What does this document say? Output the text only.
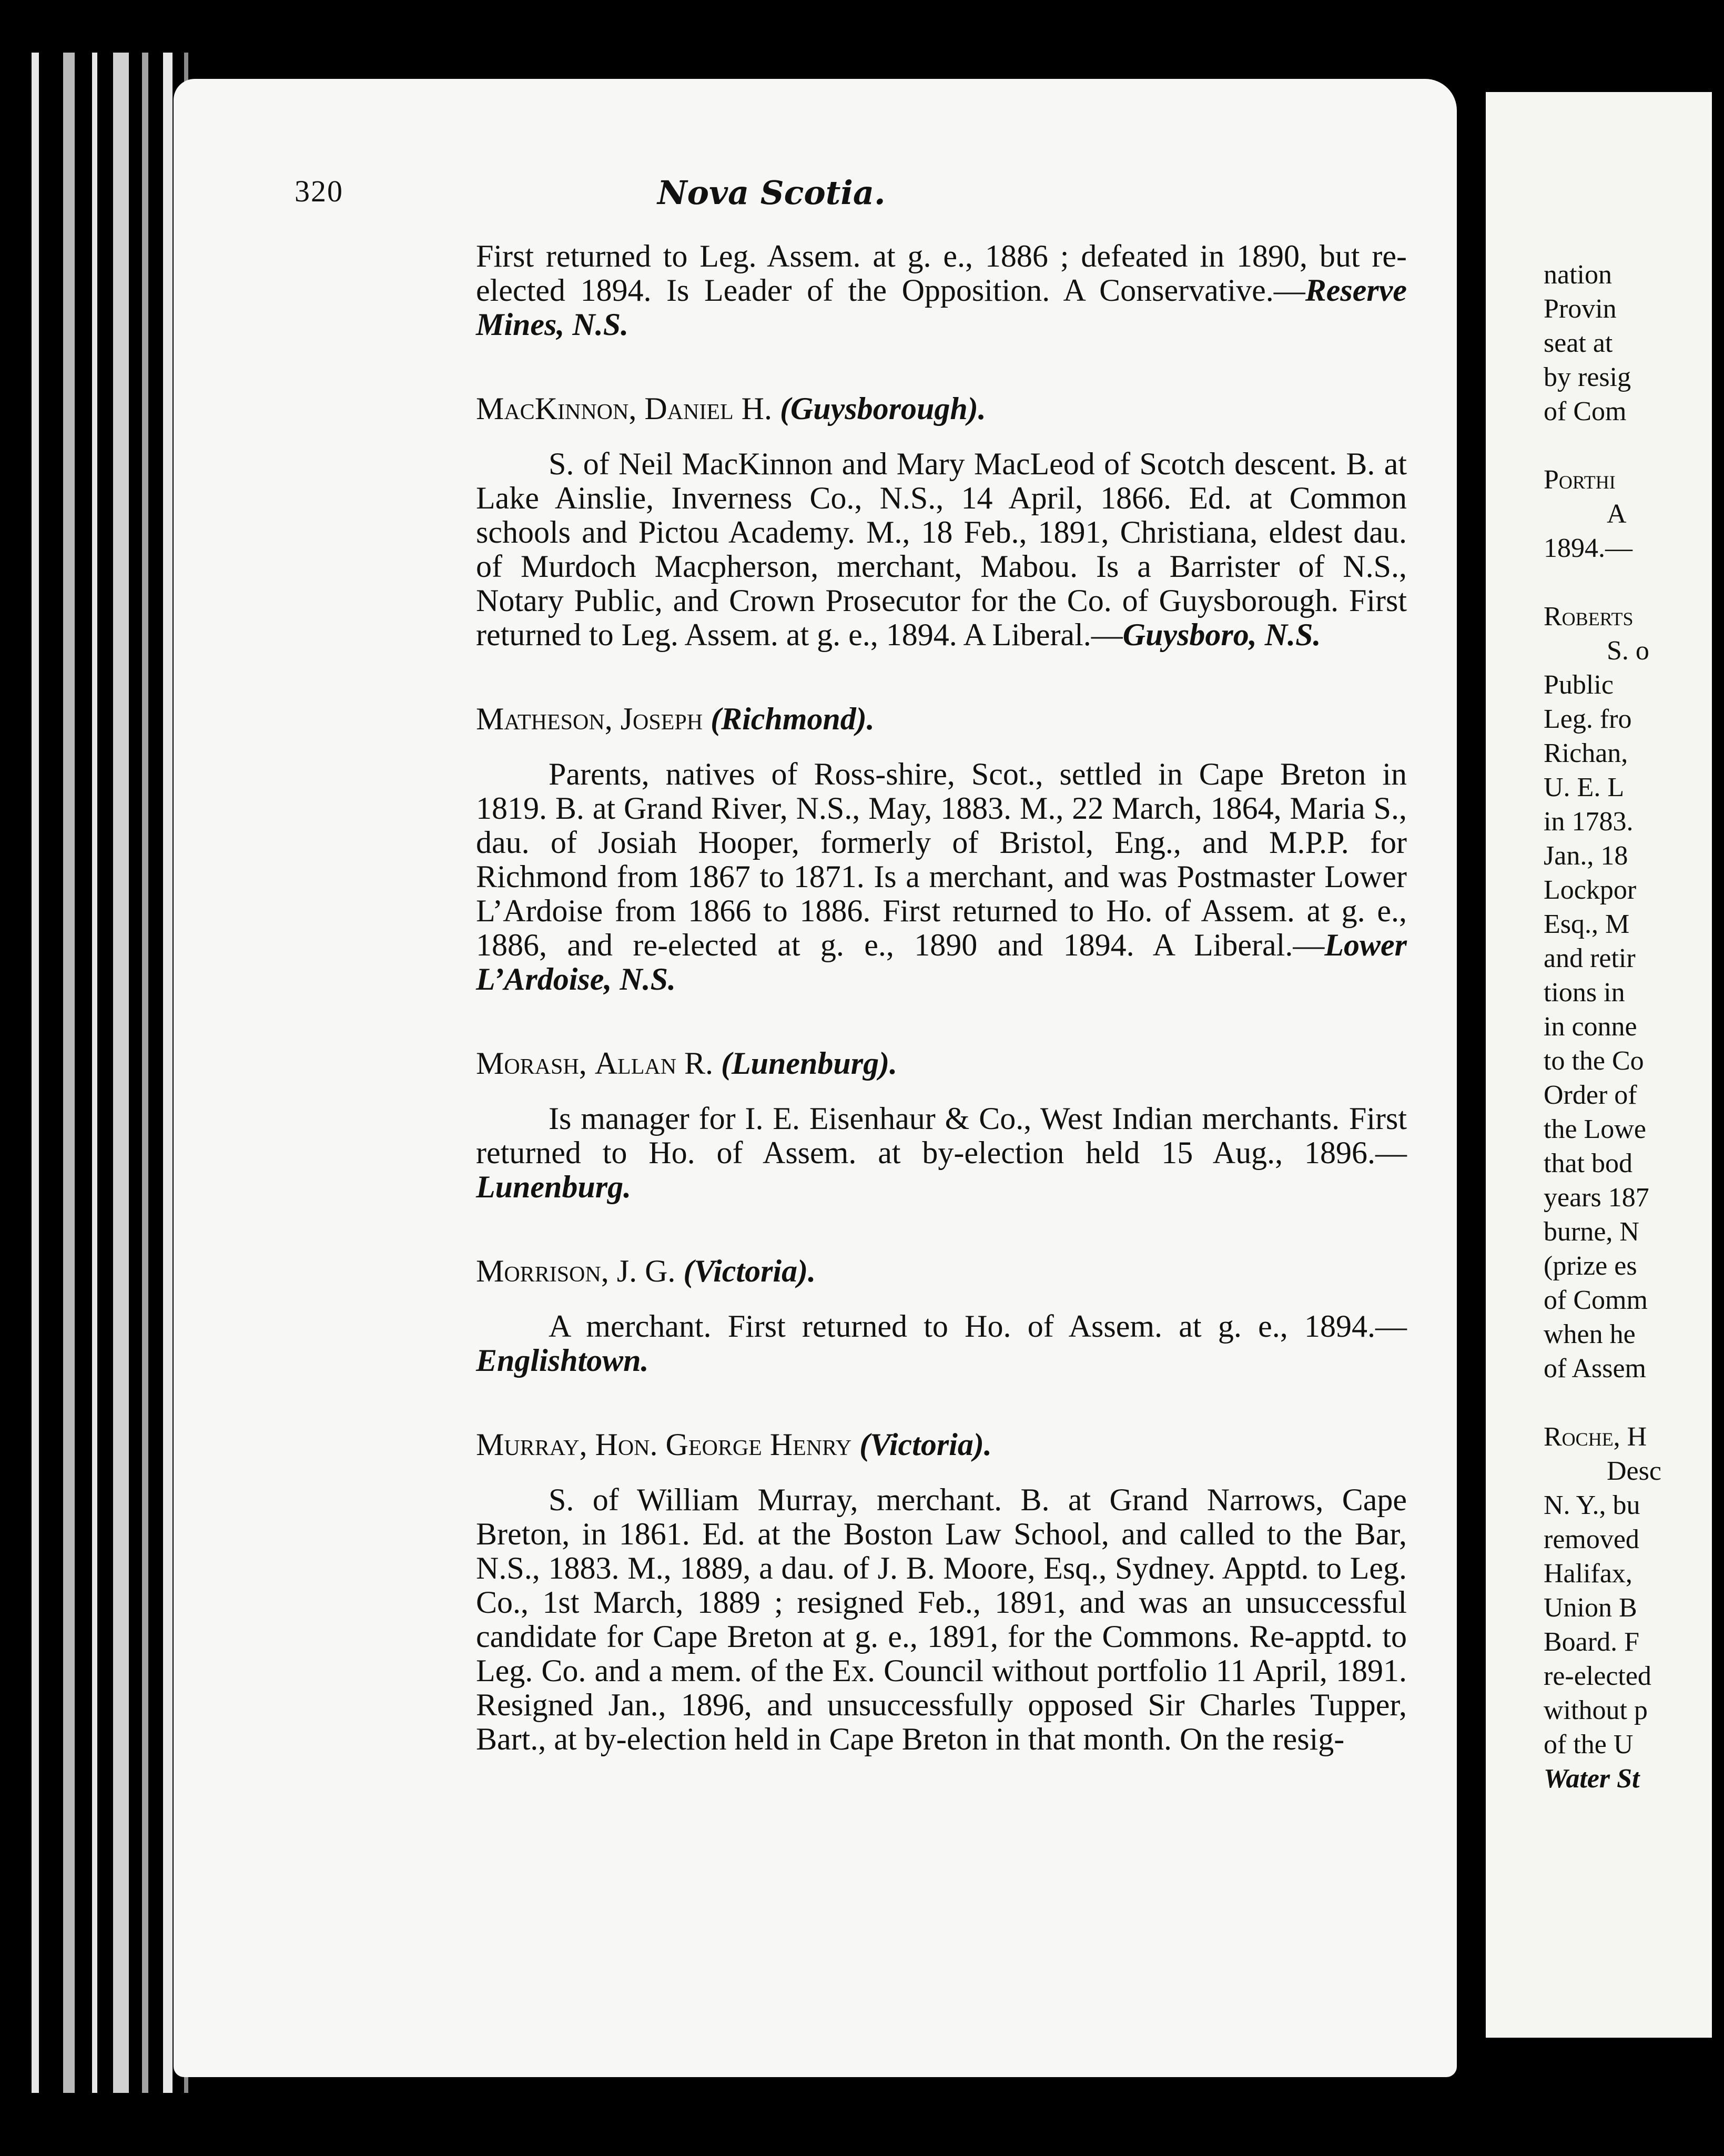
320	Nova Scotia.

First returned to Leg. Assem. at g. e., 1886 ; defeated in 1890, but re-elected 1894. Is Leader of the Opposition. A Conservative.—Reserve Mines, N.S.

MacKinnon, Daniel H. (Guysborough).

S. of Neil MacKinnon and Mary MacLeod of Scotch descent. B. at Lake Ainslie, Inverness Co., N.S., 14 April, 1866. Ed. at Common schools and Pictou Academy. M., 18 Feb., 1891, Christiana, eldest dau. of Murdoch Macpherson, merchant, Mabou. Is a Barrister of N.S., Notary Public, and Crown Prosecutor for the Co. of Guysborough. First returned to Leg. Assem. at g. e., 1894. A Liberal.—Guysboro, N.S.

Matheson, Joseph (Richmond).

Parents, natives of Ross-shire, Scot., settled in Cape Breton in 1819. B. at Grand River, N.S., May, 1883. M., 22 March, 1864, Maria S., dau. of Josiah Hooper, formerly of Bristol, Eng., and M.P.P. for Richmond from 1867 to 1871. Is a merchant, and was Postmaster Lower L’Ardoise from 1866 to 1886. First returned to Ho. of Assem. at g. e., 1886, and re-elected at g. e., 1890 and 1894. A Liberal.—Lower L’Ardoise, N.S.

Morash, Allan R. (Lunenburg).

Is manager for I. E. Eisenhaur & Co., West Indian merchants. First returned to Ho. of Assem. at by-election held 15 Aug., 1896.—Lunenburg.

Morrison, J. G. (Victoria).

A merchant. First returned to Ho. of Assem. at g. e., 1894.—Englishtown.

Murray, Hon. George Henry (Victoria).

S. of William Murray, merchant. B. at Grand Narrows, Cape Breton, in 1861. Ed. at the Boston Law School, and called to the Bar, N.S., 1883. M., 1889, a dau. of J. B. Moore, Esq., Sydney. Apptd. to Leg. Co., 1st March, 1889 ; resigned Feb., 1891, and was an unsuccessful candidate for Cape Breton at g. e., 1891, for the Commons. Re-apptd. to Leg. Co. and a mem. of the Ex. Council without portfolio 11 April, 1891. Resigned Jan., 1896, and unsuccessfully opposed Sir Charles Tupper, Bart., at by-election held in Cape Breton in that month. On the resig-

nation
Provin
seat at
by resig
of Com
Porthi
A
1894.—
Roberts
S. o
Public
Leg. fro
Richan,
U. E. L
in 1783.
Jan., 18
Lockpor
Esq., M
and retir
tions in
in conne
to the Co
Order of
the Lowe
that bod
years 187
burne, N
(prize es
of Comm
when he
of Assem
Roche, H
Desc
N. Y., bu
removed
Halifax,
Union B
Board. F
re-elected
without p
of the U
Water St
